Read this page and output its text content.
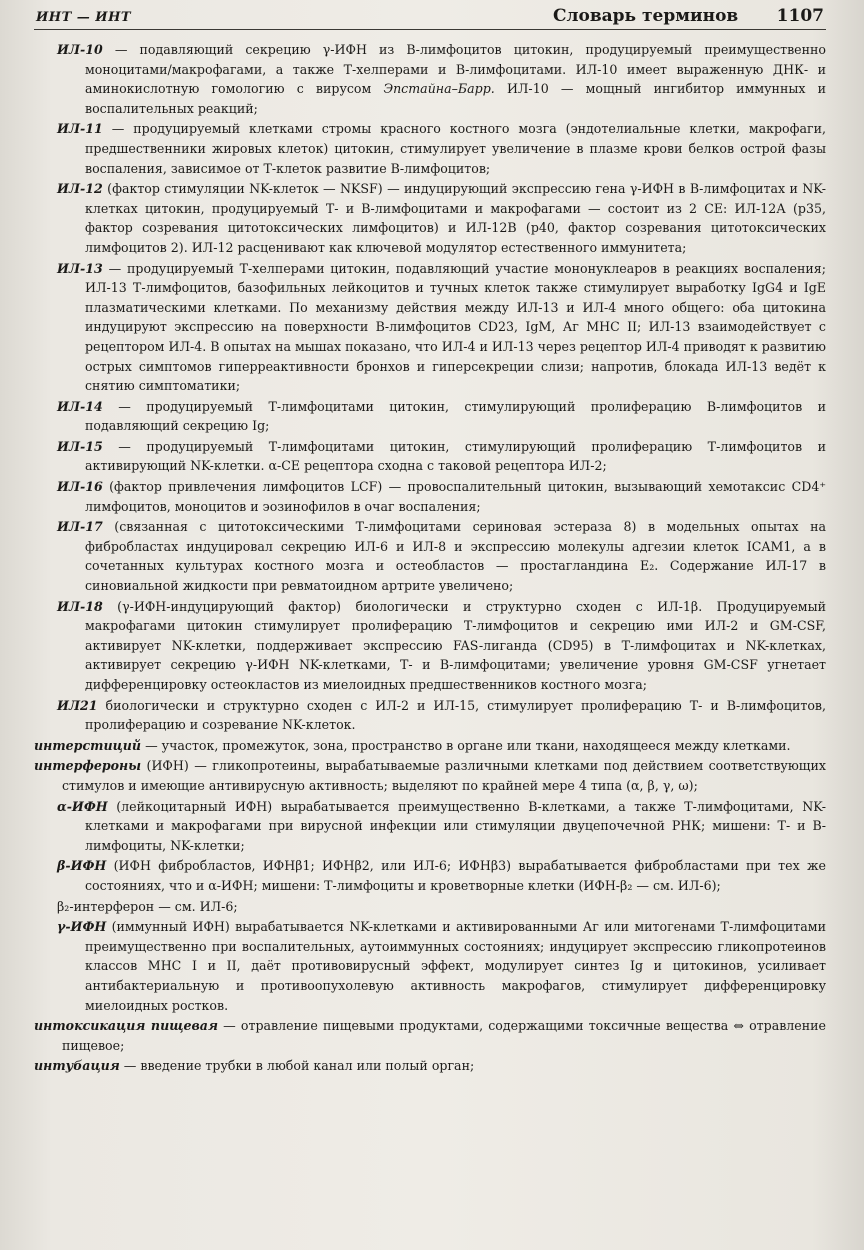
ИНТ — ИНТ	Словарь терминов 1107

ИЛ-10 — подавляющий секрецию γ-ИФН из В-лимфоцитов цитокин, продуцируемый преимущественно моноцитами/макрофагами, а также Т-хелперами и В-лимфоцитами. ИЛ-10 имеет выраженную ДНК- и аминокислотную гомологию с вирусом Эпстайна–Барр. ИЛ-10 — мощный ингибитор иммунных и воспалительных реакций;

ИЛ-11 — продуцируемый клетками стромы красного костного мозга (эндотелиальные клетки, макрофаги, предшественники жировых клеток) цитокин, стимулирует увеличение в плазме крови белков острой фазы воспаления, зависимое от Т-клеток развитие В-лимфоцитов;

ИЛ-12 (фактор стимуляции NK-клеток — NKSF) — индуцирующий экспрессию гена γ-ИФН в В-лимфоцитах и NK-клетках цитокин, продуцируемый Т- и В-лимфоцитами и макрофагами — состоит из 2 СЕ: ИЛ-12А (р35, фактор созревания цитотоксических лимфоцитов) и ИЛ-12В (р40, фактор созревания цитотоксических лимфоцитов 2). ИЛ-12 расценивают как ключевой модулятор естественного иммунитета;

ИЛ-13 — продуцируемый Т-хелперами цитокин, подавляющий участие мононуклеаров в реакциях воспаления; ИЛ-13 Т-лимфоцитов, базофильных лейкоцитов и тучных клеток также стимулирует выработку IgG4 и IgE плазматическими клетками. По механизму действия между ИЛ-13 и ИЛ-4 много общего: оба цитокина индуцируют экспрессию на поверхности В-лимфоцитов CD23, IgM, Аг МНС II; ИЛ-13 взаимодействует с рецептором ИЛ-4. В опытах на мышах показано, что ИЛ-4 и ИЛ-13 через рецептор ИЛ-4 приводят к развитию острых симптомов гиперреактивности бронхов и гиперсекреции слизи; напротив, блокада ИЛ-13 ведёт к снятию симптоматики;

ИЛ-14 — продуцируемый Т-лимфоцитами цитокин, стимулирующий пролиферацию В-лимфоцитов и подавляющий секрецию Ig;

ИЛ-15 — продуцируемый Т-лимфоцитами цитокин, стимулирующий пролиферацию Т-лимфоцитов и активирующий NK-клетки. α-СЕ рецептора сходна с таковой рецептора ИЛ-2;

ИЛ-16 (фактор привлечения лимфоцитов LCF) — провоспалительный цитокин, вызывающий хемотаксис CD4⁺ лимфоцитов, моноцитов и эозинофилов в очаг воспаления;

ИЛ-17 (связанная с цитотоксическими Т-лимфоцитами сериновая эстераза 8) в модельных опытах на фибробластах индуцировал секрецию ИЛ-6 и ИЛ-8 и экспрессию молекулы адгезии клеток ICAM1, а в сочетанных культурах костного мозга и остеобластов — простагландина E₂. Содержание ИЛ-17 в синовиальной жидкости при ревматоидном артрите увеличено;

ИЛ-18 (γ-ИФН-индуцирующий фактор) биологически и структурно сходен с ИЛ-1β. Продуцируемый макрофагами цитокин стимулирует пролиферацию Т-лимфоцитов и секрецию ими ИЛ-2 и GM-CSF, активирует NK-клетки, поддерживает экспрессию FAS-лиганда (CD95) в Т-лимфоцитах и NK-клетках, активирует секрецию γ-ИФН NK-клетками, Т- и В-лимфоцитами; увеличение уровня GM-CSF угнетает дифференцировку остеокластов из миелоидных предшественников костного мозга;

ИЛ21 биологически и структурно сходен с ИЛ-2 и ИЛ-15, стимулирует пролиферацию Т- и В-лимфоцитов, пролиферацию и созревание NK-клеток.

интерстиций — участок, промежуток, зона, пространство в органе или ткани, находящееся между клетками.

интерфероны (ИФН) — гликопротеины, вырабатываемые различными клетками под действием соответствующих стимулов и имеющие антивирусную активность; выделяют по крайней мере 4 типа (α, β, γ, ω);

α-ИФН (лейкоцитарный ИФН) вырабатывается преимущественно В-клетками, а также Т-лимфоцитами, NK-клетками и макрофагами при вирусной инфекции или стимуляции двуцепочечной РНК; мишени: Т- и В-лимфоциты, NK-клетки;

β-ИФН (ИФН фибробластов, ИФНβ1; ИФНβ2, или ИЛ-6; ИФНβ3) вырабатывается фибробластами при тех же состояниях, что и α-ИФН; мишени: Т-лимфоциты и кроветворные клетки (ИФН-β₂ — см. ИЛ-6);

β₂-интерферон — см. ИЛ-6;

γ-ИФН (иммунный ИФН) вырабатывается NK-клетками и активированными Аг или митогенами Т-лимфоцитами преимущественно при воспалительных, аутоиммунных состояниях; индуцирует экспрессию гликопротеинов классов МНС I и II, даёт противовирусный эффект, модулирует синтез Ig и цитокинов, усиливает антибактериальную и противоопухолевую активность макрофагов, стимулирует дифференцировку миелоидных ростков.

интоксикация пищевая — отравление пищевыми продуктами, содержащими токсичные вещества ⇔ отравление пищевое;

интубация — введение трубки в любой канал или полый орган;
